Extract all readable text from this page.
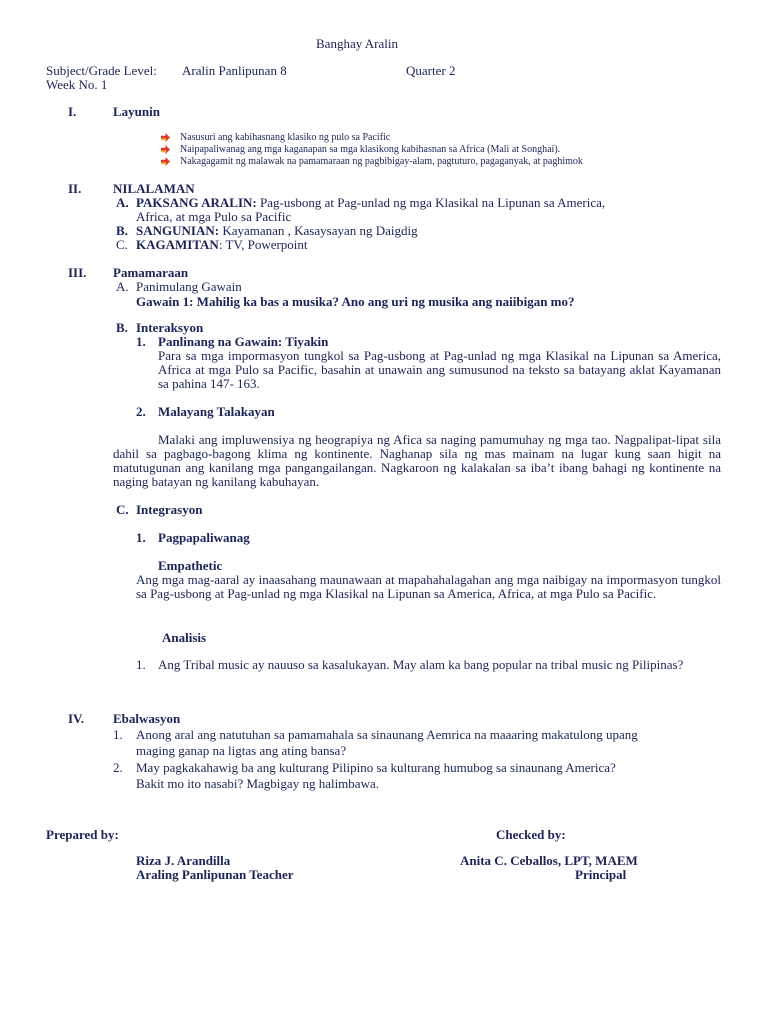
Banghay Aralin
Subject/Grade Level: Aralin Panlipunan 8	Quarter 2
Week No. 1
I.	Layunin
Nasusuri ang kabihasnang klasiko ng pulo sa Pacific
Naipapaliwanag ang mga kaganapan sa mga klasikong kabihasnan sa Africa (Mali at Songhai).
Nakagagamit ng malawak na pamamaraan ng pagbibigay-alam, pagtuturo, pagaganyak, at paghimok
II. NILALAMAN
A. PAKSANG ARALIN: Pag-usbong at Pag-unlad ng mga Klasikal na Lipunan sa America,
Africa, at mga Pulo sa Pacific
B. SANGUNIAN: Kayamanan , Kasaysayan ng Daigdig
C. KAGAMITAN: TV, Powerpoint
III. Pamamaraan
A. Panimulang Gawain
Gawain 1: Mahilig ka bas a musika? Ano ang uri ng musika ang naiibigan mo?
B. Interaksyon
1. Panlinang na Gawain: Tiyakin
Para sa mga impormasyon tungkol sa Pag-usbong at Pag-unlad ng mga Klasikal na Lipunan sa America, Africa at mga Pulo sa Pacific, basahin at unawain ang sumusunod na teksto sa batayang aklat Kayamanan sa pahina 147- 163.
2. Malayang Talakayan
Malaki ang impluwensiya ng heograpiya ng Afica sa naging pamumuhay ng mga tao. Nagpalipat-lipat sila dahil sa pagbago-bagong klima ng kontinente. Naghanap sila ng mas mainam na lugar kung saan higit na matutugunan ang kanilang mga pangangailangan. Nagkaroon ng kalakalan sa iba’t ibang bahagi ng kontinente na naging batayan ng kanilang kabuhayan.
C. Integrasyon
1. Pagpapaliwanag
Empathetic
Ang mga mag-aaral ay inaasahang maunawaan at mapahahalagahan ang mga naibigay na impormasyon tungkol sa Pag-usbong at Pag-unlad ng mga Klasikal na Lipunan sa America, Africa, at mga Pulo sa Pacific.
Analisis
1. Ang Tribal music ay nauuso sa kasalukayan. May alam ka bang popular na tribal music ng Pilipinas?
IV. Ebalwasyon
1. Anong aral ang natutuhan sa pamamahala sa sinaunang Aemrica na maaaring makatulong upang
maging ganap na ligtas ang ating bansa?
2. May pagkakahawig ba ang kulturang Pilipino sa kulturang humubog sa sinaunang America?
Bakit mo ito nasabi? Magbigay ng halimbawa.
Prepared by:	Checked by:
Riza J. Arandilla	Anita C. Ceballos, LPT, MAEM
Araling Panlipunan Teacher	Principal
